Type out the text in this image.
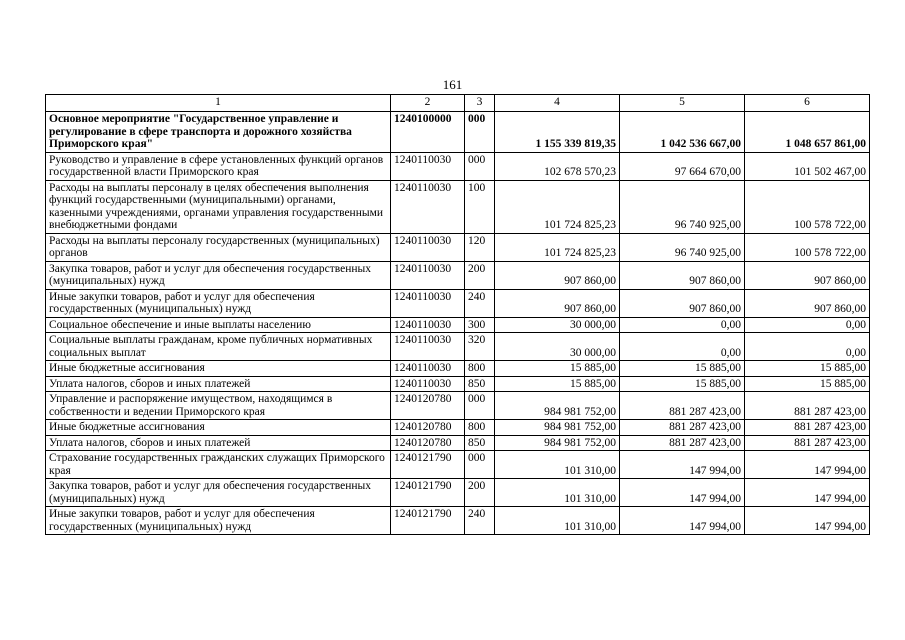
161
1	2	3	4	5	6
Основное мероприятие "Государственное управление и регулирование в сфере транспорта и дорожного хозяйства Приморского края"	1240100000	000	1 155 339 819,35	1 042 536 667,00	1 048 657 861,00
Руководство и управление в сфере установленных функций органов государственной власти Приморского края	1240110030	000	102 678 570,23	97 664 670,00	101 502 467,00
Расходы на выплаты персоналу в целях обеспечения выполнения функций государственными (муниципальными) органами, казенными учреждениями, органами управления государственными внебюджетными фондами	1240110030	100	101 724 825,23	96 740 925,00	100 578 722,00
Расходы на выплаты персоналу государственных (муниципальных) органов	1240110030	120	101 724 825,23	96 740 925,00	100 578 722,00
Закупка товаров, работ и услуг для обеспечения государственных (муниципальных) нужд	1240110030	200	907 860,00	907 860,00	907 860,00
Иные закупки товаров, работ и услуг для обеспечения государственных (муниципальных) нужд	1240110030	240	907 860,00	907 860,00	907 860,00
Социальное обеспечение и иные выплаты населению	1240110030	300	30 000,00	0,00	0,00
Социальные выплаты гражданам, кроме публичных нормативных социальных выплат	1240110030	320	30 000,00	0,00	0,00
Иные бюджетные ассигнования	1240110030	800	15 885,00	15 885,00	15 885,00
Уплата налогов, сборов и иных платежей	1240110030	850	15 885,00	15 885,00	15 885,00
Управление и распоряжение имуществом, находящимся в собственности и ведении Приморского края	1240120780	000	984 981 752,00	881 287 423,00	881 287 423,00
Иные бюджетные ассигнования	1240120780	800	984 981 752,00	881 287 423,00	881 287 423,00
Уплата налогов, сборов и иных платежей	1240120780	850	984 981 752,00	881 287 423,00	881 287 423,00
Страхование государственных гражданских служащих Приморского края	1240121790	000	101 310,00	147 994,00	147 994,00
Закупка товаров, работ и услуг для обеспечения государственных (муниципальных) нужд	1240121790	200	101 310,00	147 994,00	147 994,00
Иные закупки товаров, работ и услуг для обеспечения государственных (муниципальных) нужд	1240121790	240	101 310,00	147 994,00	147 994,00
